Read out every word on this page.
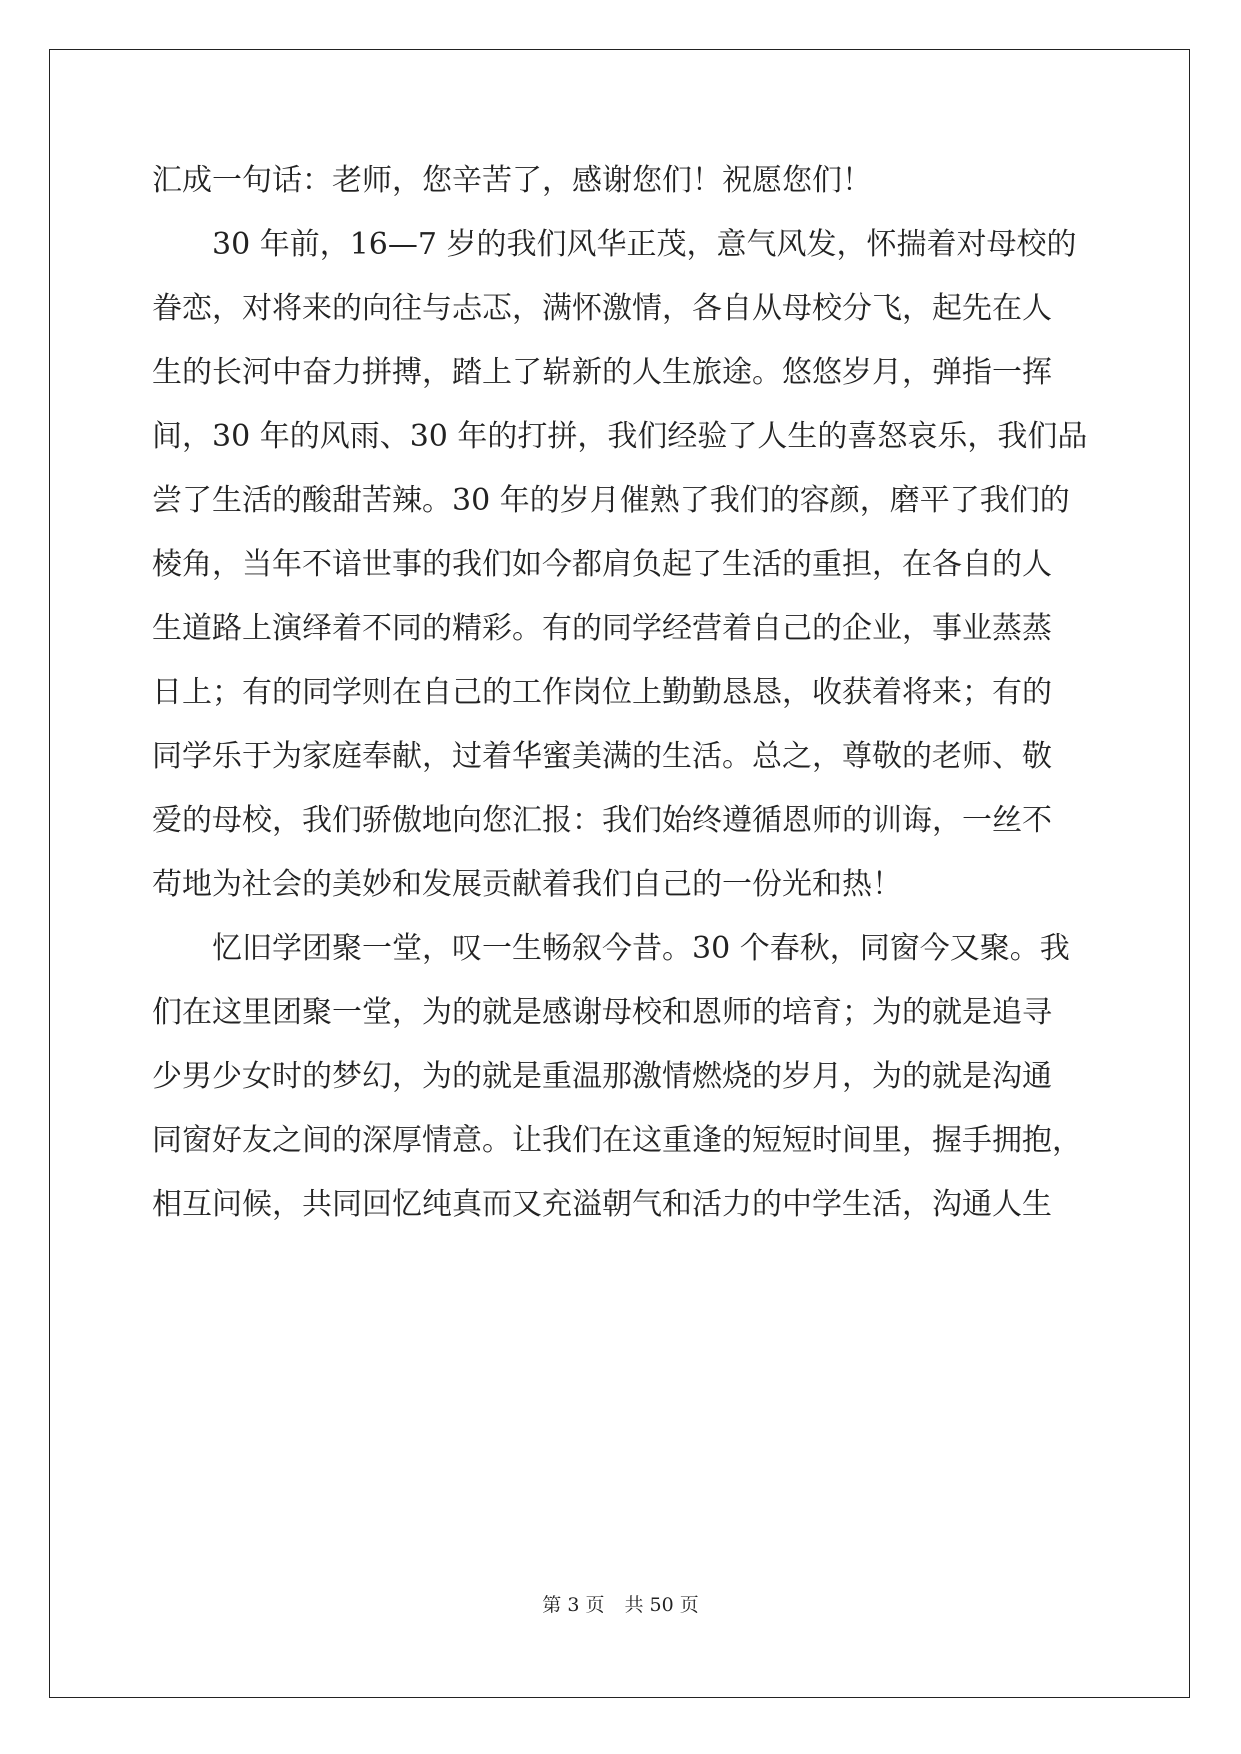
汇成一句话：老师，您辛苦了，感谢您们！祝愿您们！
30 年前，16—7 岁的我们风华正茂，意气风发，怀揣着对母校的
眷恋，对将来的向往与忐忑，满怀激情，各自从母校分飞，起先在人
生的长河中奋力拼搏，踏上了崭新的人生旅途。悠悠岁月，弹指一挥
间，30 年的风雨、30 年的打拼，我们经验了人生的喜怒哀乐，我们品
尝了生活的酸甜苦辣。30 年的岁月催熟了我们的容颜，磨平了我们的
棱角，当年不谙世事的我们如今都肩负起了生活的重担，在各自的人
生道路上演绎着不同的精彩。有的同学经营着自己的企业，事业蒸蒸
日上；有的同学则在自己的工作岗位上勤勤恳恳，收获着将来；有的
同学乐于为家庭奉献，过着华蜜美满的生活。总之，尊敬的老师、敬
爱的母校，我们骄傲地向您汇报：我们始终遵循恩师的训诲，一丝不
苟地为社会的美妙和发展贡献着我们自己的一份光和热！
忆旧学团聚一堂，叹一生畅叙今昔。30 个春秋，同窗今又聚。我
们在这里团聚一堂，为的就是感谢母校和恩师的培育；为的就是追寻
少男少女时的梦幻，为的就是重温那激情燃烧的岁月，为的就是沟通
同窗好友之间的深厚情意。让我们在这重逢的短短时间里，握手拥抱，
相互问候，共同回忆纯真而又充溢朝气和活力的中学生活，沟通人生
第 3 页 共 50 页
